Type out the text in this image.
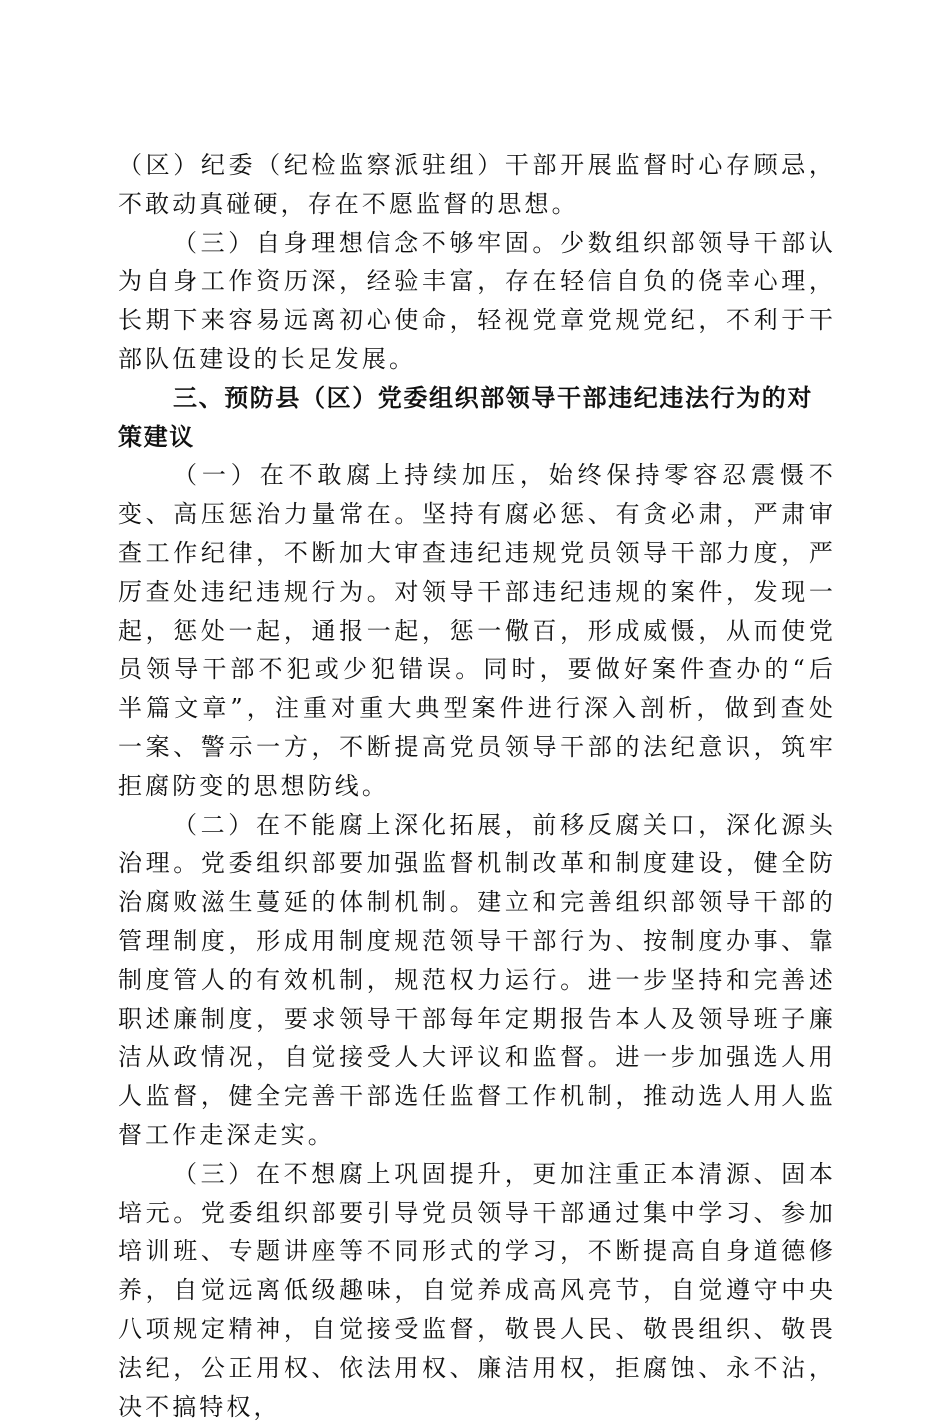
（区）纪委（纪检监察派驻组）干部开展监督时心存顾忌，不敢动真碰硬，存在不愿监督的思想。

（三）自身理想信念不够牢固。少数组织部领导干部认为自身工作资历深，经验丰富，存在轻信自负的侥幸心理，长期下来容易远离初心使命，轻视党章党规党纪，不利于干部队伍建设的长足发展。

三、预防县（区）党委组织部领导干部违纪违法行为的对策建议

（一）在不敢腐上持续加压，始终保持零容忍震慑不变、高压惩治力量常在。坚持有腐必惩、有贪必肃，严肃审查工作纪律，不断加大审查违纪违规党员领导干部力度，严厉查处违纪违规行为。对领导干部违纪违规的案件，发现一起，惩处一起，通报一起，惩一儆百，形成威慑，从而使党员领导干部不犯或少犯错误。同时，要做好案件查办的“后半篇文章”，注重对重大典型案件进行深入剖析，做到查处一案、警示一方，不断提高党员领导干部的法纪意识，筑牢拒腐防变的思想防线。

（二）在不能腐上深化拓展，前移反腐关口，深化源头治理。党委组织部要加强监督机制改革和制度建设，健全防治腐败滋生蔓延的体制机制。建立和完善组织部领导干部的管理制度，形成用制度规范领导干部行为、按制度办事、靠制度管人的有效机制，规范权力运行。进一步坚持和完善述职述廉制度，要求领导干部每年定期报告本人及领导班子廉洁从政情况，自觉接受人大评议和监督。进一步加强选人用人监督，健全完善干部选任监督工作机制，推动选人用人监督工作走深走实。

（三）在不想腐上巩固提升，更加注重正本清源、固本培元。党委组织部要引导党员领导干部通过集中学习、参加培训班、专题讲座等不同形式的学习，不断提高自身道德修养，自觉远离低级趣味，自觉养成高风亮节，自觉遵守中央八项规定精神，自觉接受监督，敬畏人民、敬畏组织、敬畏法纪，公正用权、依法用权、廉洁用权，拒腐蚀、永不沾，决不搞特权，
